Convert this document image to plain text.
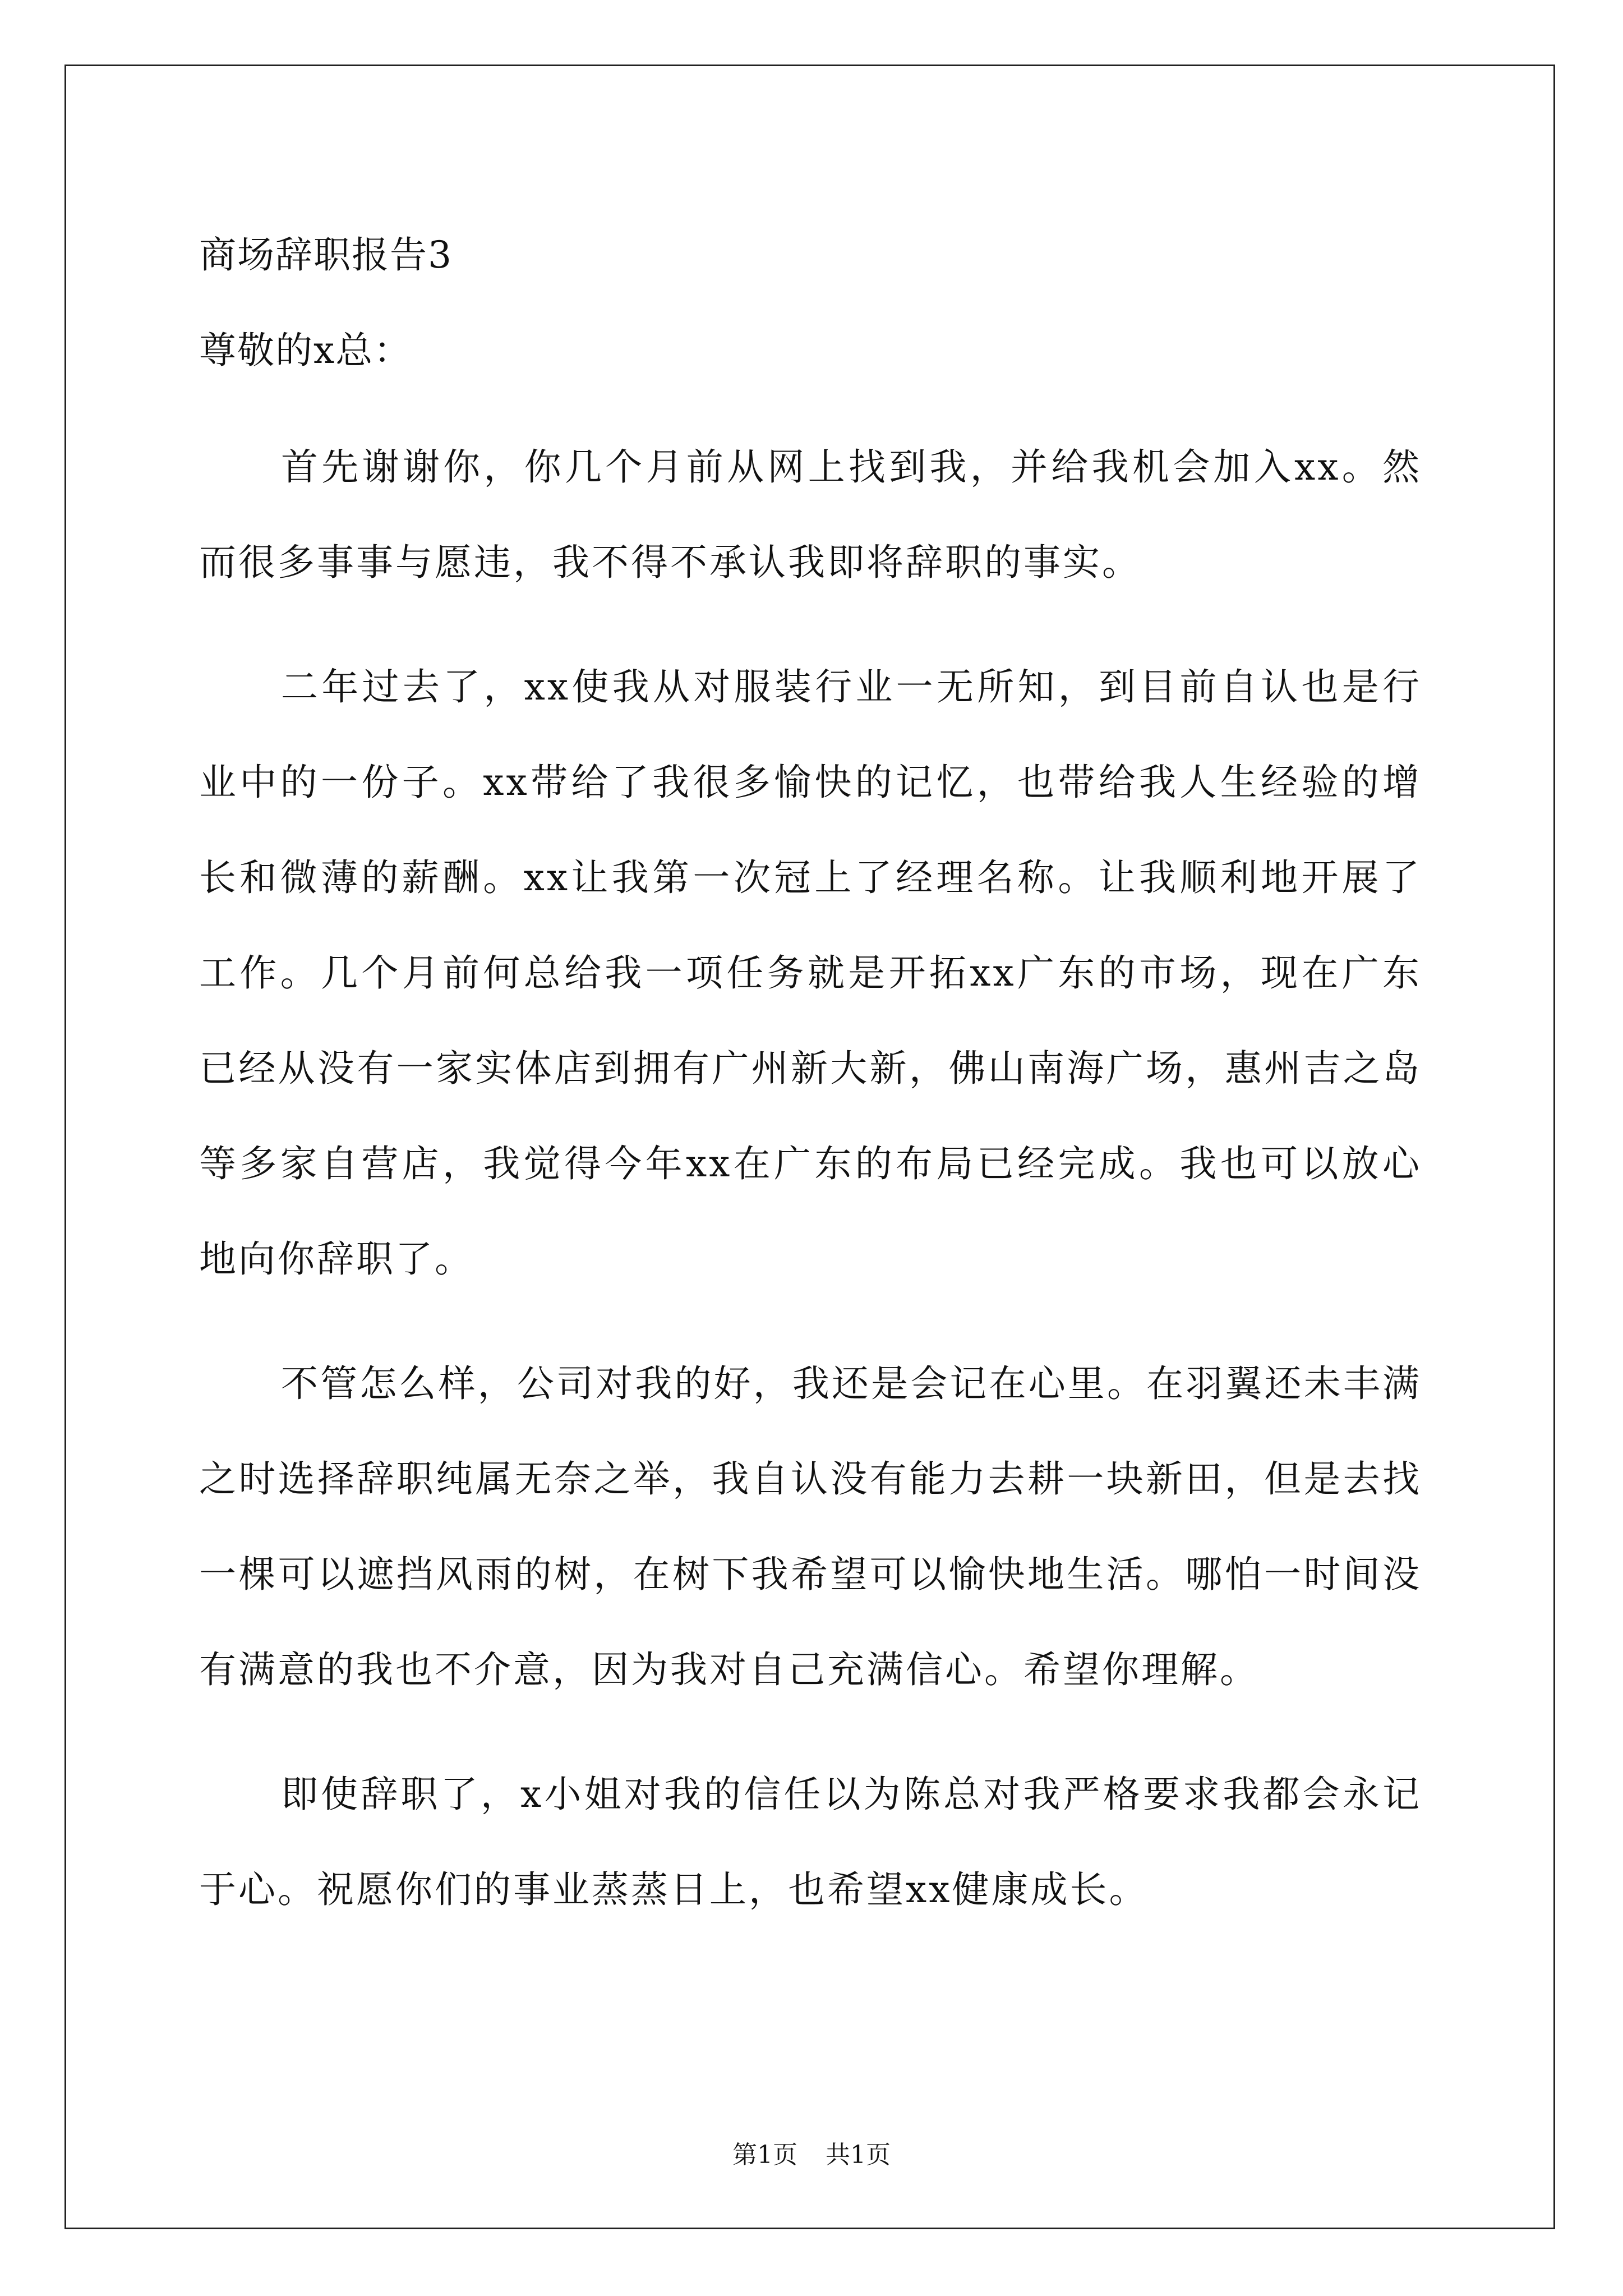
商场辞职报告3
尊敬的x总：
首先谢谢你，你几个月前从网上找到我，并给我机会加入xx。然而很多事事与愿违，我不得不承认我即将辞职的事实。
二年过去了，xx使我从对服装行业一无所知，到目前自认也是行业中的一份子。xx带给了我很多愉快的记忆，也带给我人生经验的增长和微薄的薪酬。xx让我第一次冠上了经理名称。让我顺利地开展了工作。几个月前何总给我一项任务就是开拓xx广东的市场，现在广东已经从没有一家实体店到拥有广州新大新，佛山南海广场，惠州吉之岛等多家自营店，我觉得今年xx在广东的布局已经完成。我也可以放心地向你辞职了。
不管怎么样，公司对我的好，我还是会记在心里。在羽翼还未丰满之时选择辞职纯属无奈之举，我自认没有能力去耕一块新田，但是去找一棵可以遮挡风雨的树，在树下我希望可以愉快地生活。哪怕一时间没有满意的我也不介意，因为我对自己充满信心。希望你理解。
即使辞职了，x小姐对我的信任以为陈总对我严格要求我都会永记于心。祝愿你们的事业蒸蒸日上，也希望xx健康成长。
第1页 共1页
